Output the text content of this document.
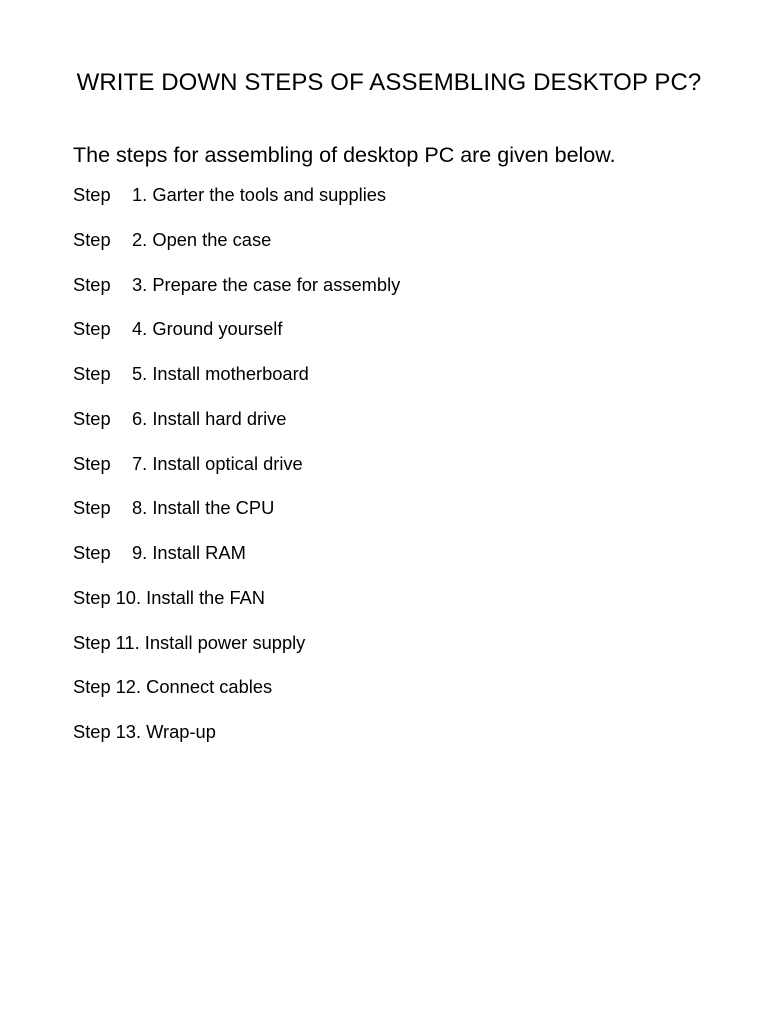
WRITE DOWN STEPS OF ASSEMBLING DESKTOP PC?

The steps for assembling of desktop PC are given below.

Step 1. Garter the tools and supplies
Step 2. Open the case
Step 3. Prepare the case for assembly
Step 4. Ground yourself
Step 5. Install motherboard
Step 6. Install hard drive
Step 7. Install optical drive
Step 8. Install the CPU
Step 9. Install RAM
Step 10. Install the FAN
Step 11. Install power supply
Step 12. Connect cables
Step 13. Wrap-up
